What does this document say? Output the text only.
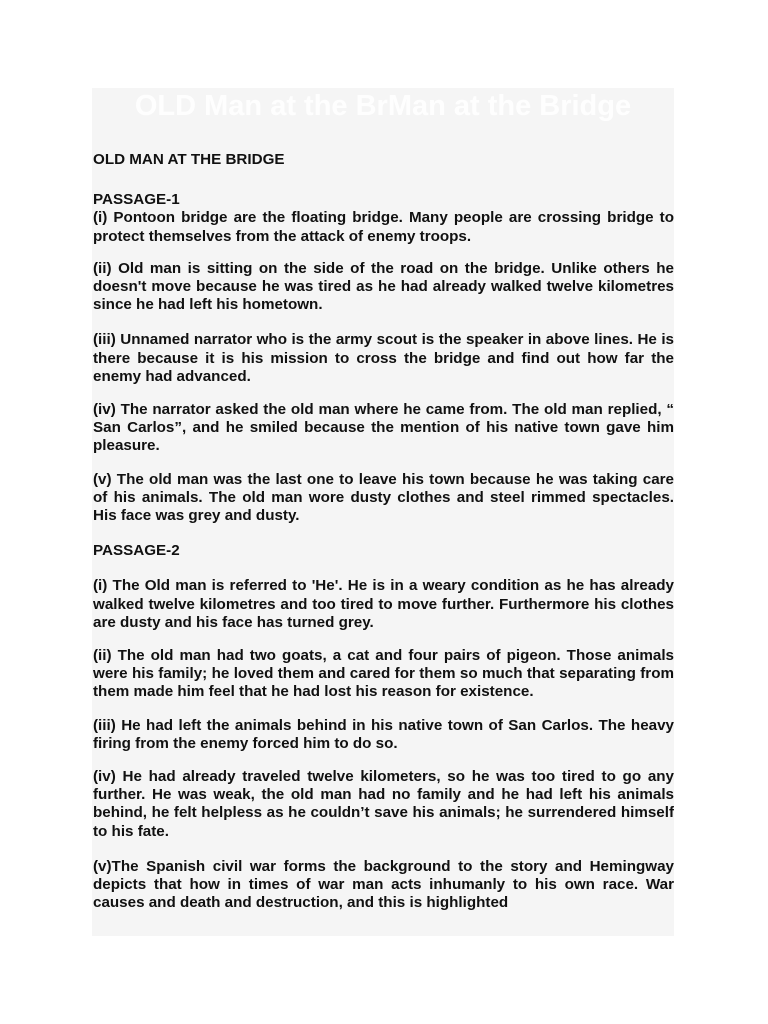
OLD Man at the BrMan at the Bridge

OLD MAN AT THE BRIDGE

PASSAGE-1

(i) Pontoon bridge are the floating bridge. Many people are crossing bridge to protect themselves from the attack of enemy troops.

(ii) Old man is sitting on the side of the road on the bridge. Unlike others he doesn't move because he was tired as he had already walked twelve kilometres since he had left his hometown.

(iii) Unnamed narrator who is the army scout is the speaker in above lines. He is there because it is his mission to cross the bridge and find out how far the enemy had advanced.

(iv) The narrator asked the old man where he came from. The old man replied, “ San Carlos”, and he smiled because the mention of his native town gave him pleasure.

(v) The old man was the last one to leave his town because he was taking care of his animals. The old man wore dusty clothes and steel rimmed spectacles. His face was grey and dusty.

PASSAGE-2

(i) The Old man is referred to 'He'. He is in a weary condition as he has already walked twelve kilometres and too tired to move further. Furthermore his clothes are dusty and his face has turned grey.

(ii) The old man had two goats, a cat and four pairs of pigeon. Those animals were his family; he loved them and cared for them so much that separating from them made him feel that he had lost his reason for existence.

(iii) He had left the animals behind in his native town of San Carlos. The heavy firing from the enemy forced him to do so.

(iv) He had already traveled twelve kilometers, so he was too tired to go any further. He was weak, the old man had no family and he had left his animals behind, he felt helpless as he couldn’t save his animals; he surrendered himself to his fate.

(v)The Spanish civil war forms the background to the story and Hemingway depicts that how in times of war man acts inhumanly to his own race. War causes and death and destruction, and this is highlighted
